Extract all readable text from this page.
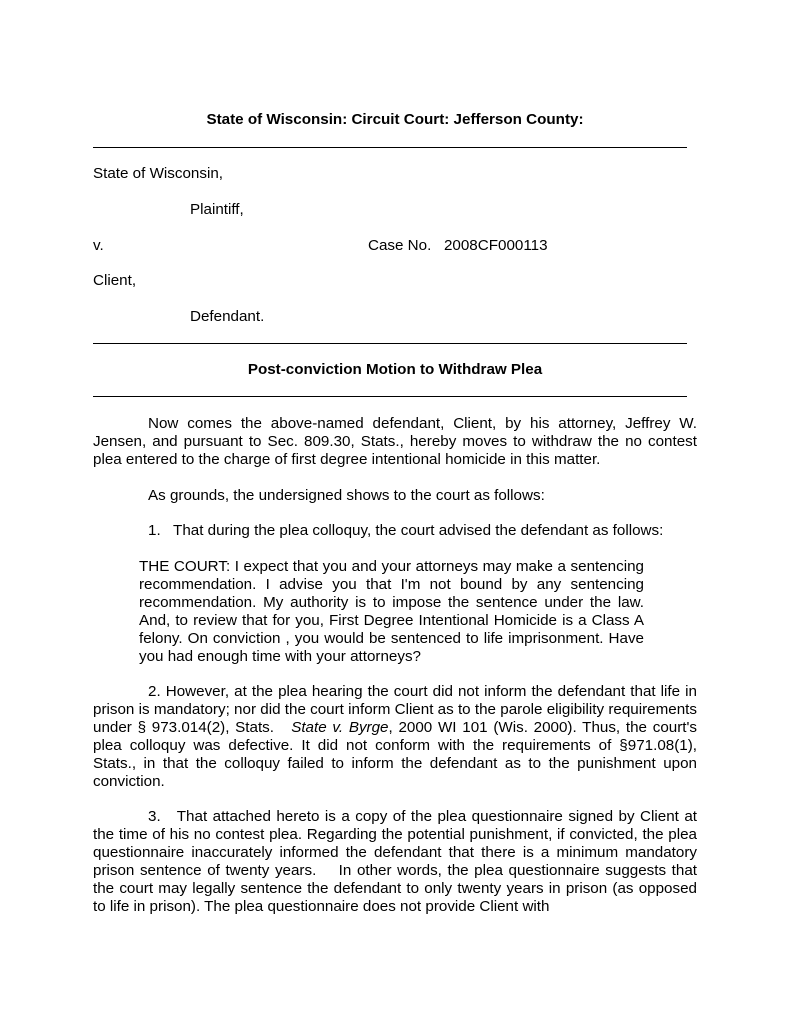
State of Wisconsin: Circuit Court: Jefferson County:
State of Wisconsin,
Plaintiff,
v.	Case No.   2008CF000113
Client,
Defendant.
Post-conviction Motion to Withdraw Plea
Now comes the above-named defendant, Client, by his attorney, Jeffrey W. Jensen, and pursuant to Sec. 809.30, Stats., hereby moves to withdraw the no contest plea entered to the charge of first degree intentional homicide in this matter.
As grounds, the undersigned shows to the court as follows:
1.   That during the plea colloquy, the court advised the defendant as follows:
THE COURT: I expect that you and your attorneys may make a sentencing recommendation. I advise you that I'm not bound by any sentencing recommendation. My authority is to impose the sentence under the law. And, to review that for you, First Degree Intentional Homicide is a Class A felony. On conviction , you would be sentenced to life imprisonment. Have you had enough time with your attorneys?
2. However, at the plea hearing the court did not inform the defendant that life in prison is mandatory; nor did the court inform Client as to the parole eligibility requirements under § 973.014(2), Stats.   State v. Byrge, 2000 WI 101 (Wis. 2000). Thus, the court's plea colloquy was defective. It did not conform with the requirements of §971.08(1), Stats., in that the colloquy failed to inform the defendant as to the punishment upon conviction.
3.   That attached hereto is a copy of the plea questionnaire signed by Client at the time of his no contest plea. Regarding the potential punishment, if convicted, the plea questionnaire inaccurately informed the defendant that there is a minimum mandatory prison sentence of twenty years.    In other words, the plea questionnaire suggests that the court may legally sentence the defendant to only twenty years in prison (as opposed to life in prison). The plea questionnaire does not provide Client with
